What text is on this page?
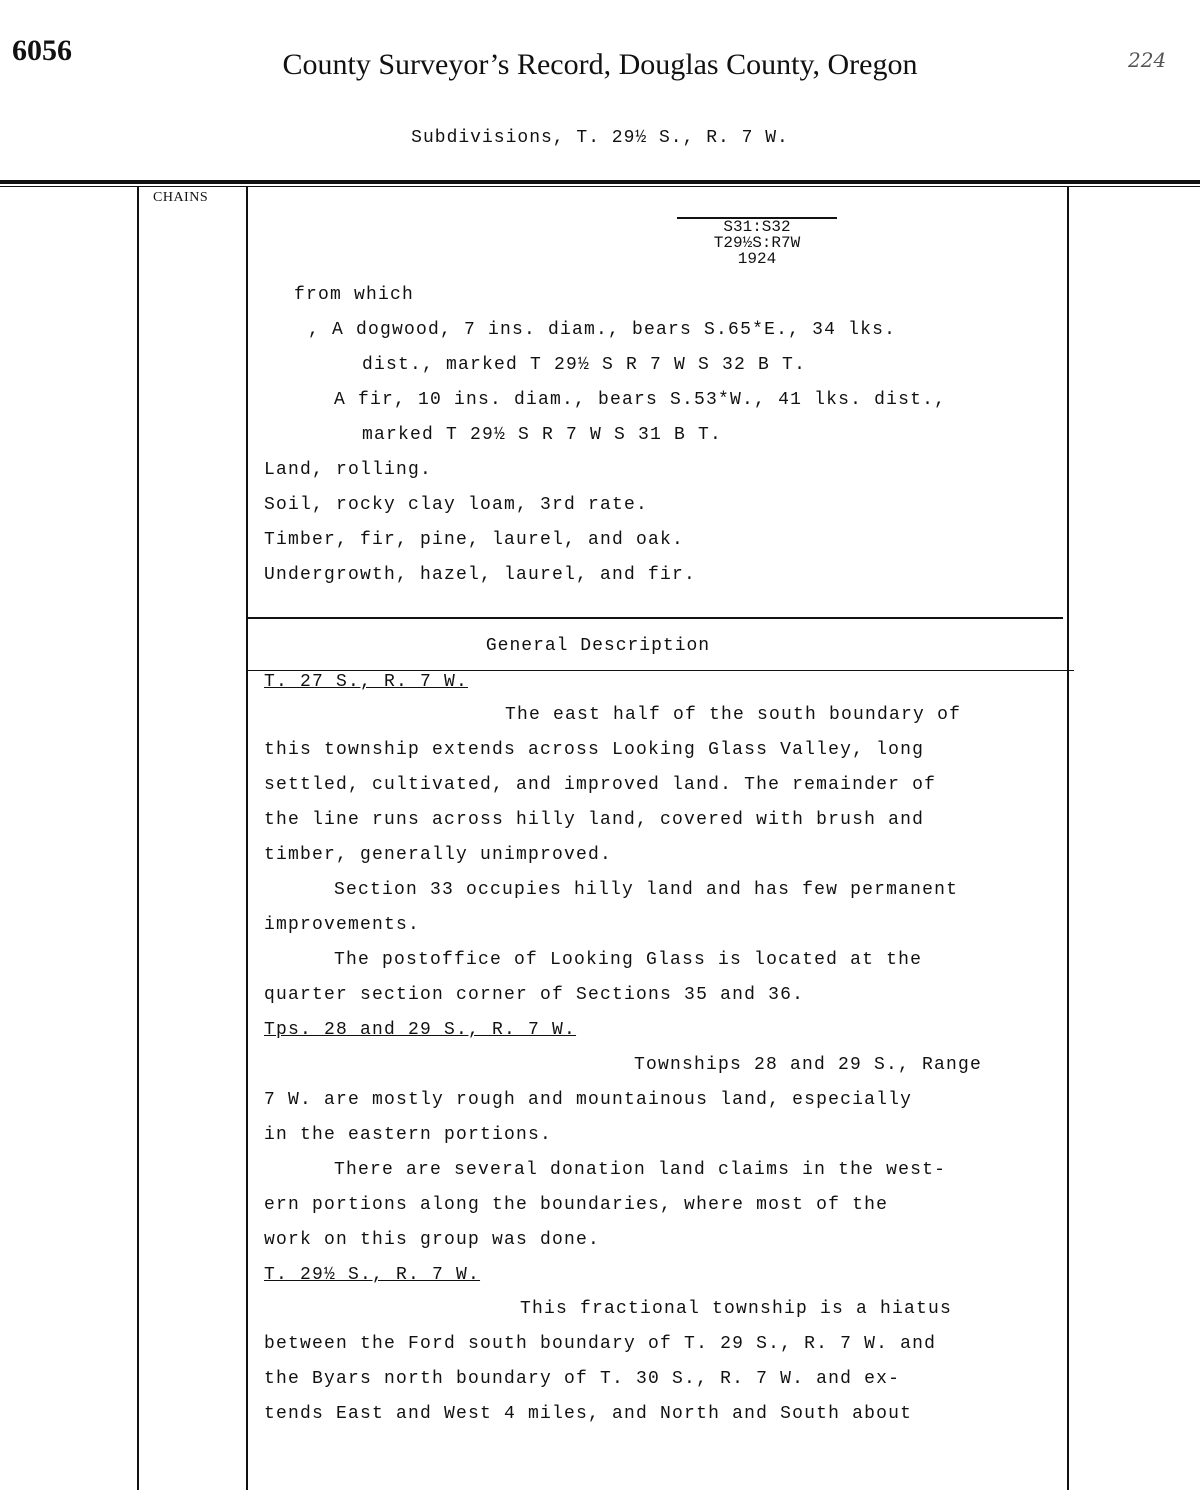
6056	County Surveyor’s Record, Douglas County, Oregon	224
Subdivisions, T. 29½ S., R. 7 W.
CHAINS
S31:S32
T29½S:R7W
1924
from which
, A dogwood, 7 ins. diam., bears S.65*E., 34 lks.
dist., marked T 29½ S R 7 W S 32 B T.
A fir, 10 ins. diam., bears S.53*W., 41 lks. dist.,
marked T 29½ S R 7 W S 31 B T.
Land, rolling.
Soil, rocky clay loam, 3rd rate.
Timber, fir, pine, laurel, and oak.
Undergrowth, hazel, laurel, and fir.
General Description
T. 27 S., R. 7 W.
The east half of the south boundary of
this township extends across Looking Glass Valley, long
settled, cultivated, and improved land. The remainder of
the line runs across hilly land, covered with brush and
timber, generally unimproved.
Section 33 occupies hilly land and has few permanent
improvements.
The postoffice of Looking Glass is located at the
quarter section corner of Sections 35 and 36.
Tps. 28 and 29 S., R. 7 W.
Townships 28 and 29 S., Range
7 W. are mostly rough and mountainous land, especially
in the eastern portions.
There are several donation land claims in the west-
ern portions along the boundaries, where most of the
work on this group was done.
T. 29½ S., R. 7 W.
This fractional township is a hiatus
between the Ford south boundary of T. 29 S., R. 7 W. and
the Byars north boundary of T. 30 S., R. 7 W. and ex-
tends East and West 4 miles, and North and South about
